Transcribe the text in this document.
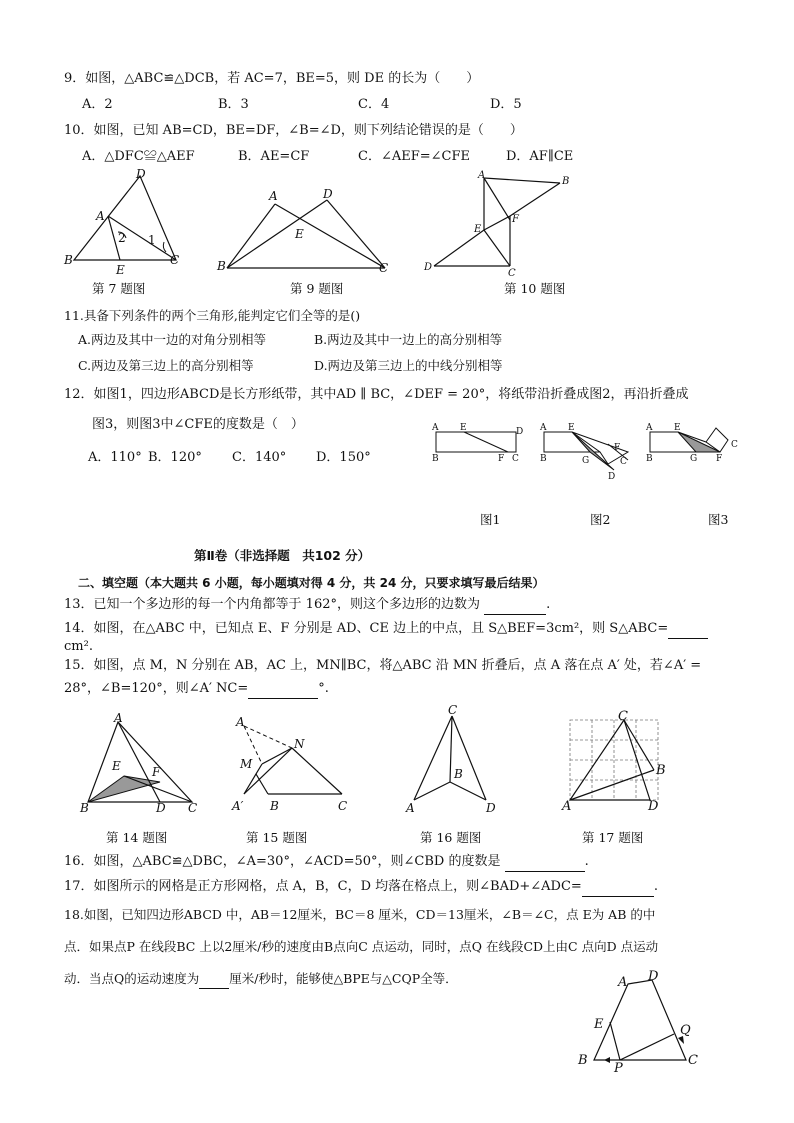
9．如图，△ABC≌△DCB，若 AC=7，BE=5，则 DE 的长为（　　）
A．2	B．3	C．4	D．5
10．如图，已知 AB=CD，BE=DF，∠B=∠D，则下列结论错误的是（　　）
A．△DFC≌△AEF	B．AE=CF	C．∠AEF=∠CFE	D．AF∥CE
D
A
2 1
B
E
C
第 7 题图
A	D
E
B	C
第 9 题图
A
B
F
E
D
C
第 10 题图
11.具备下列条件的两个三角形,能判定它们全等的是()
A.两边及其中一边的对角分别相等	B.两边及其中一边上的高分别相等
C.两边及第三边上的高分别相等	D.两边及第三边上的中线分别相等
12．如图1，四边形ABCD是长方形纸带，其中AD ∥ BC，∠DEF = 20°，将纸带沿折叠成图2，再沿折叠成
图3，则图3中∠CFE的度数是（　）
A．110° B．120° C．140° D．150°
A E	D
B	F C
A E
F
B	G	C
D
A E
C
B	G F
图1	图2	图3
第Ⅱ卷（非选择题　共102 分）
二、填空题（本大题共 6 小题，每小题填对得 4 分，共 24 分，只要求填写最后结果）
13．已知一个多边形的每一个内角都等于 162°，则这个多边形的边数为	.
14．如图，在△ABC 中，已知点 E、F 分别是 AD、CE 边上的中点，且 S△BEF=3cm²，则 S△ABC=
cm².
15．如图，点 M，N 分别在 AB，AC 上，MN∥BC，将△ABC 沿 MN 折叠后，点 A 落在点 A′ 处，若∠A′ =
28°，∠B=120°，则∠A′ NC=	°.
A
E	F
B	D C
第 14 题图
A
N
M
A′ B	C
第 15 题图
C
B
A	D
第 16 题图
C
B
A	D
第 17 题图
16．如图，△ABC≌△DBC，∠A=30°，∠ACD=50°，则∠CBD 的度数是	.
17．如图所示的网格是正方形网格，点 A，B，C，D 均落在格点上，则∠BAD+∠ADC=	.
18.如图，已知四边形ABCD 中，AB＝12厘米，BC＝8 厘米，CD＝13厘米，∠B＝∠C，点 E为 AB 的中
点．如果点P 在线段BC 上以2厘米/秒的速度由B点向C 点运动，同时，点Q 在线段CD上由C 点向D 点运动
动．当点Q的运动速度为 厘米/秒时，能够使△BPE与△CQP全等．	A D
E	Q
B
P
C
